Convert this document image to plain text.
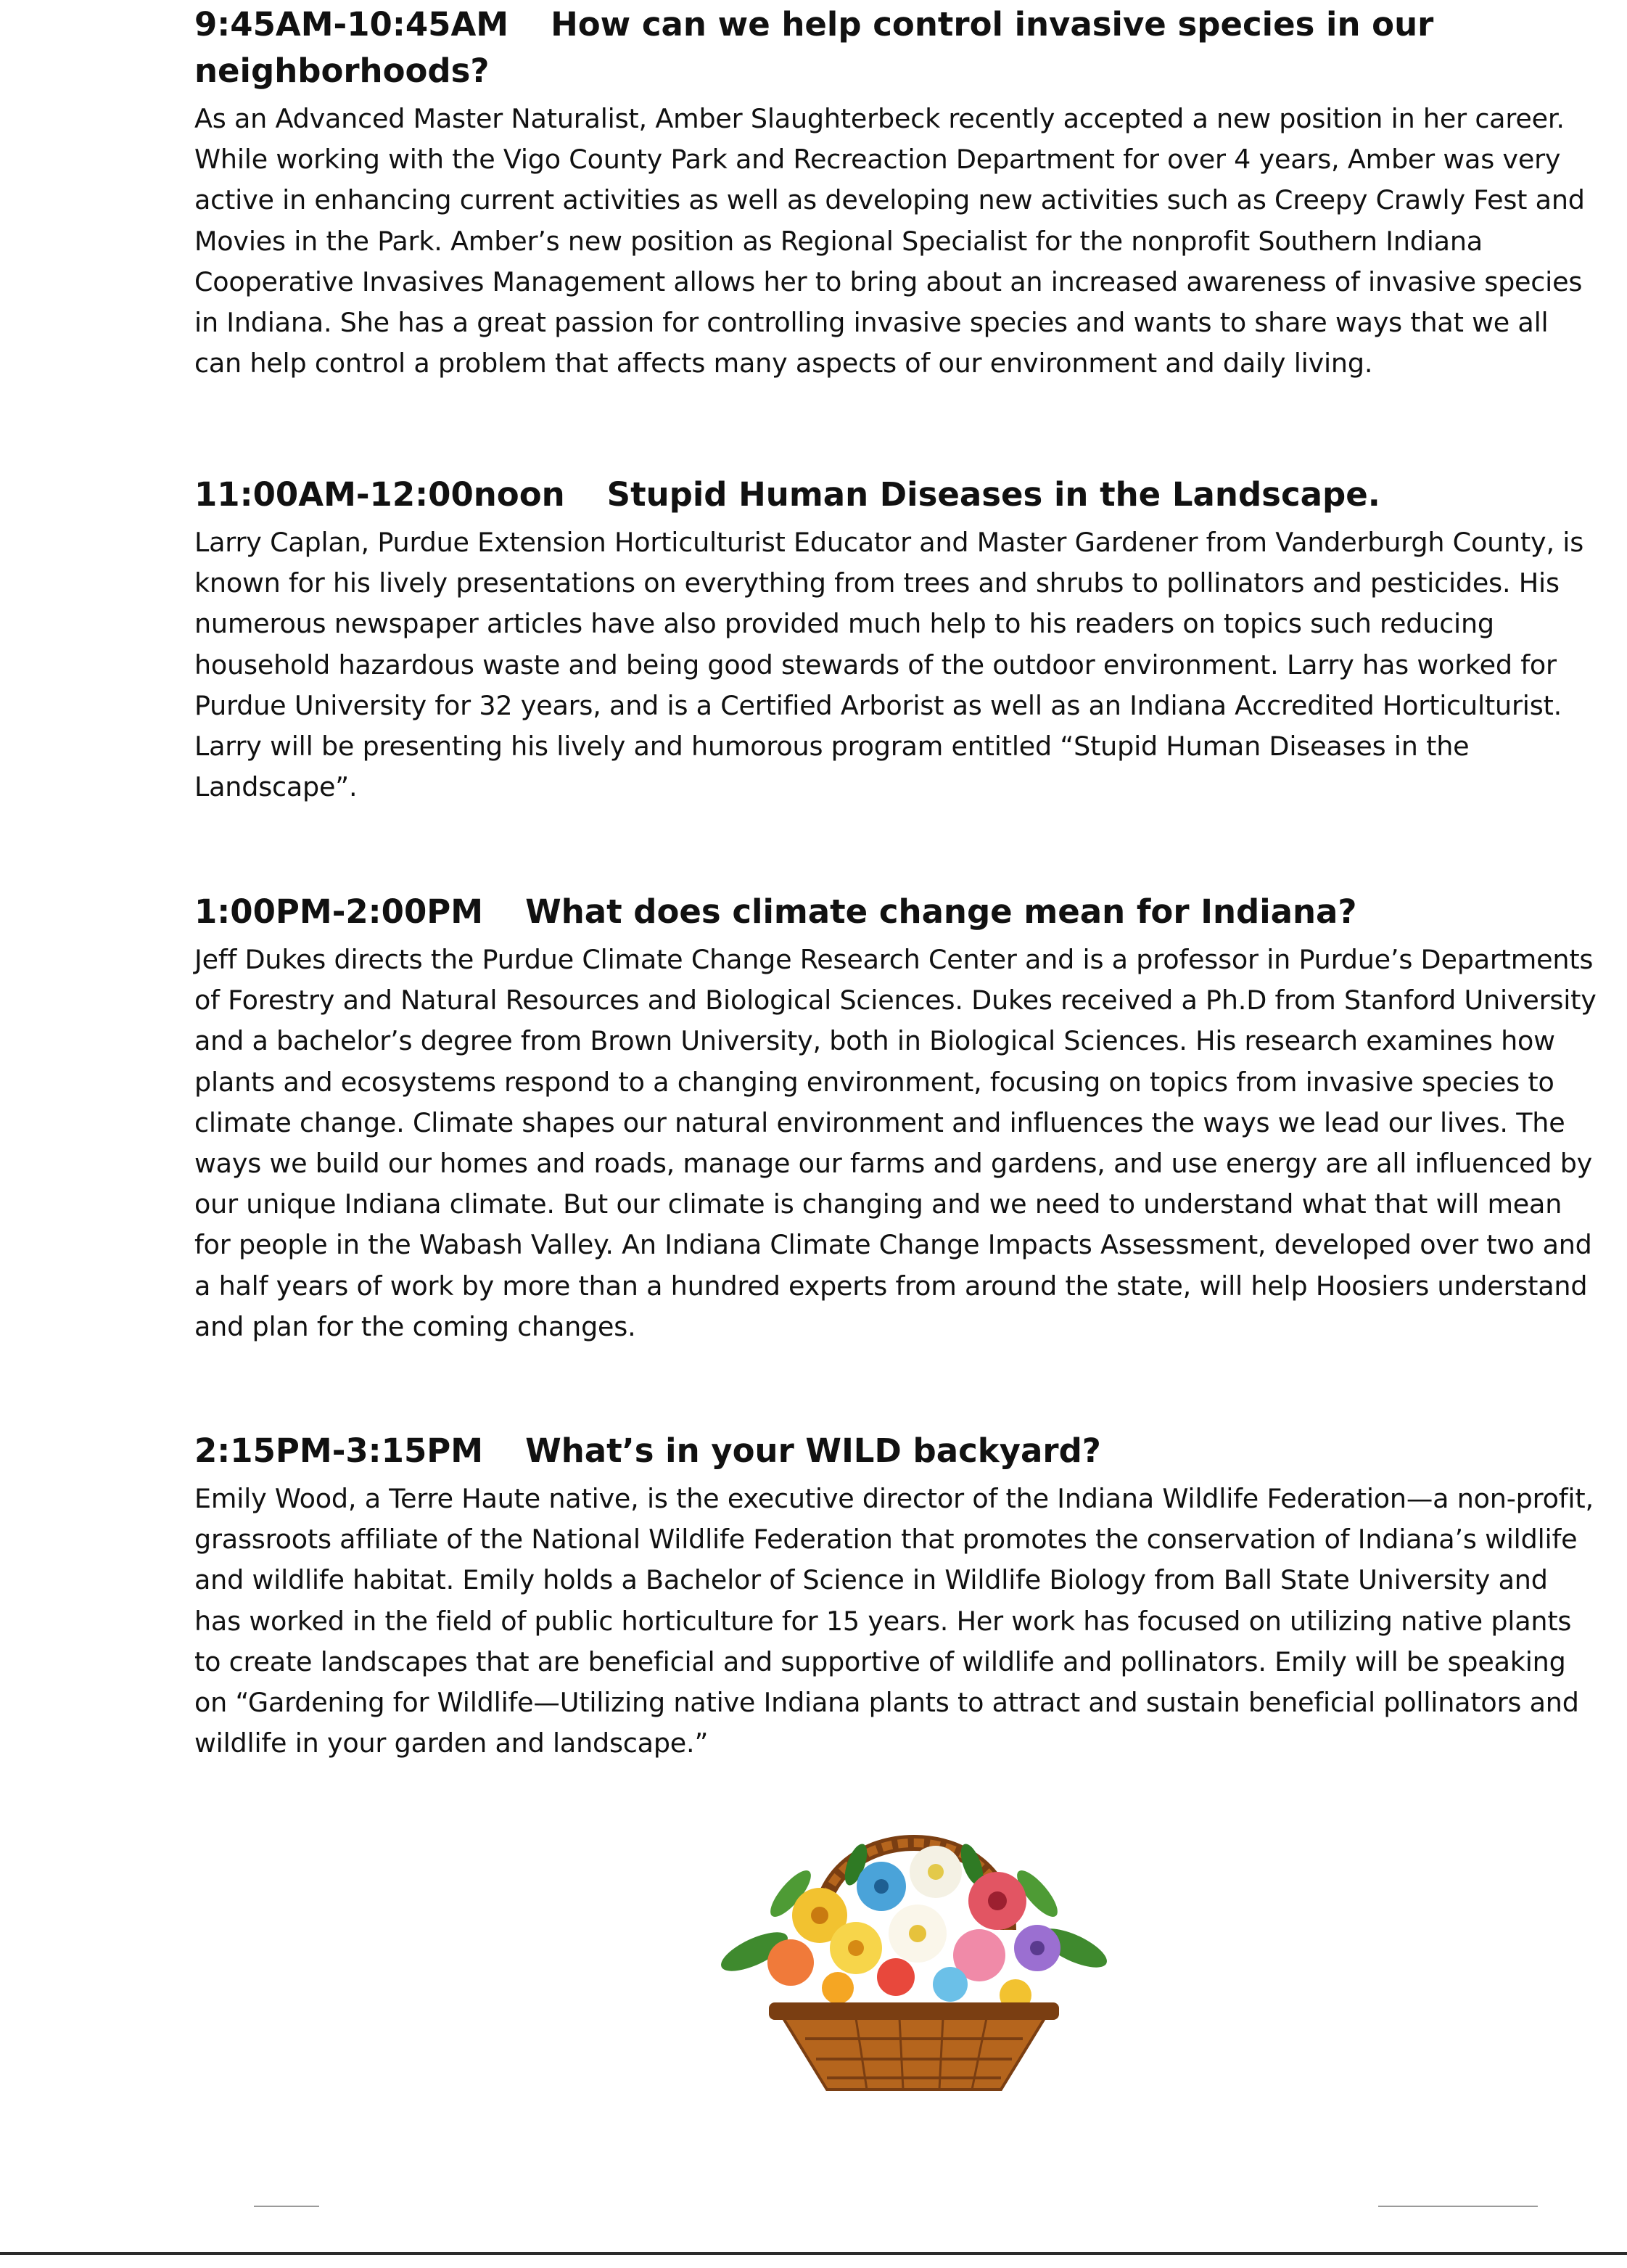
9:45AM-10:45AM How can we help control invasive species in our neighborhoods?

As an Advanced Master Naturalist, Amber Slaughterbeck recently accepted a new position in her career. While working with the Vigo County Park and Recreaction Department for over 4 years, Amber was very active in enhancing current activities as well as developing new activities such as Creepy Crawly Fest and Movies in the Park. Amber’s new position as Regional Specialist for the nonprofit Southern Indiana Cooperative Invasives Management allows her to bring about an increased awareness of invasive species in Indiana. She has a great passion for controlling invasive species and wants to share ways that we all can help control a problem that affects many aspects of our environment and daily living.

11:00AM-12:00noon Stupid Human Diseases in the Landscape.

Larry Caplan, Purdue Extension Horticulturist Educator and Master Gardener from Vanderburgh County, is known for his lively presentations on everything from trees and shrubs to pollinators and pesticides. His numerous newspaper articles have also provided much help to his readers on topics such reducing household hazardous waste and being good stewards of the outdoor environment. Larry has worked for Purdue University for 32 years, and is a Certified Arborist as well as an Indiana Accredited Horticulturist. Larry will be presenting his lively and humorous program entitled “Stupid Human Diseases in the Landscape”.

1:00PM-2:00PM What does climate change mean for Indiana?

Jeff Dukes directs the Purdue Climate Change Research Center and is a professor in Purdue’s Departments of Forestry and Natural Resources and Biological Sciences. Dukes received a Ph.D from Stanford University and a bachelor’s degree from Brown University, both in Biological Sciences. His research examines how plants and ecosystems respond to a changing environment, focusing on topics from invasive species to climate change. Climate shapes our natural environment and influences the ways we lead our lives. The ways we build our homes and roads, manage our farms and gardens, and use energy are all influenced by our unique Indiana climate. But our climate is changing and we need to understand what that will mean for people in the Wabash Valley. An Indiana Climate Change Impacts Assessment, developed over two and a half years of work by more than a hundred experts from around the state, will help Hoosiers understand and plan for the coming changes.

2:15PM-3:15PM What’s in your WILD backyard?

Emily Wood, a Terre Haute native, is the executive director of the Indiana Wildlife Federation—a non-profit, grassroots affiliate of the National Wildlife Federation that promotes the conservation of Indiana’s wildlife and wildlife habitat. Emily holds a Bachelor of Science in Wildlife Biology from Ball State University and has worked in the field of public horticulture for 15 years. Her work has focused on utilizing native plants to create landscapes that are beneficial and supportive of wildlife and pollinators. Emily will be speaking on “Gardening for Wildlife—Utilizing native Indiana plants to attract and sustain beneficial pollinators and wildlife in your garden and landscape.”
